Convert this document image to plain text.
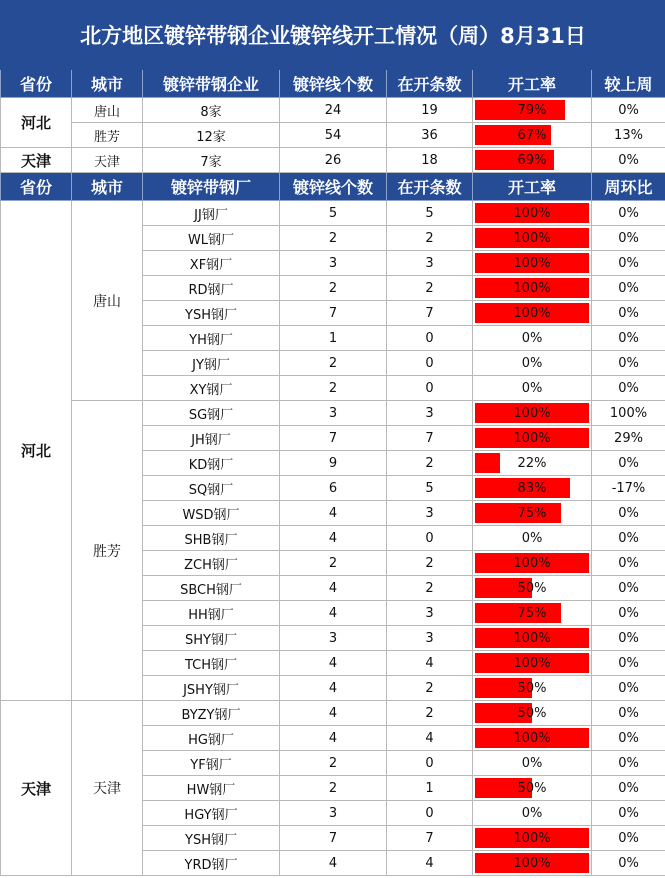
北方地区镀锌带钢企业镀锌线开工情况（周）8月31日						
省份	城市	镀锌带钢企业	镀锌线个数	在开条数	开工率	较上周
河北	唐山	8家	24	19	79%	0%
	胜芳	12家	54	36	67%	13%
天津	天津	7家	26	18	69%	0%
省份	城市	镀锌带钢厂	镀锌线个数	在开条数	开工率	周环比
河北	唐山	JJ钢厂	5	5	100%	0%
		WL钢厂	2	2	100%	0%
		XF钢厂	3	3	100%	0%
		RD钢厂	2	2	100%	0%
		YSH钢厂	7	7	100%	0%
		YH钢厂	1	0	0%	0%
		JY钢厂	2	0	0%	0%
		XY钢厂	2	0	0%	0%
	胜芳	SG钢厂	3	3	100%	100%
		JH钢厂	7	7	100%	29%
		KD钢厂	9	2	22%	0%
		SQ钢厂	6	5	83%	-17%
		WSD钢厂	4	3	75%	0%
		SHB钢厂	4	0	0%	0%
		ZCH钢厂	2	2	100%	0%
		SBCH钢厂	4	2	50%	0%
		HH钢厂	4	3	75%	0%
		SHY钢厂	3	3	100%	0%
		TCH钢厂	4	4	100%	0%
		JSHY钢厂	4	2	50%	0%
天津	天津	BYZY钢厂	4	2	50%	0%
		HG钢厂	4	4	100%	0%
		YF钢厂	2	0	0%	0%
		HW钢厂	2	1	50%	0%
		HGY钢厂	3	0	0%	0%
		YSH钢厂	7	7	100%	0%
		YRD钢厂	4	4	100%	0%
